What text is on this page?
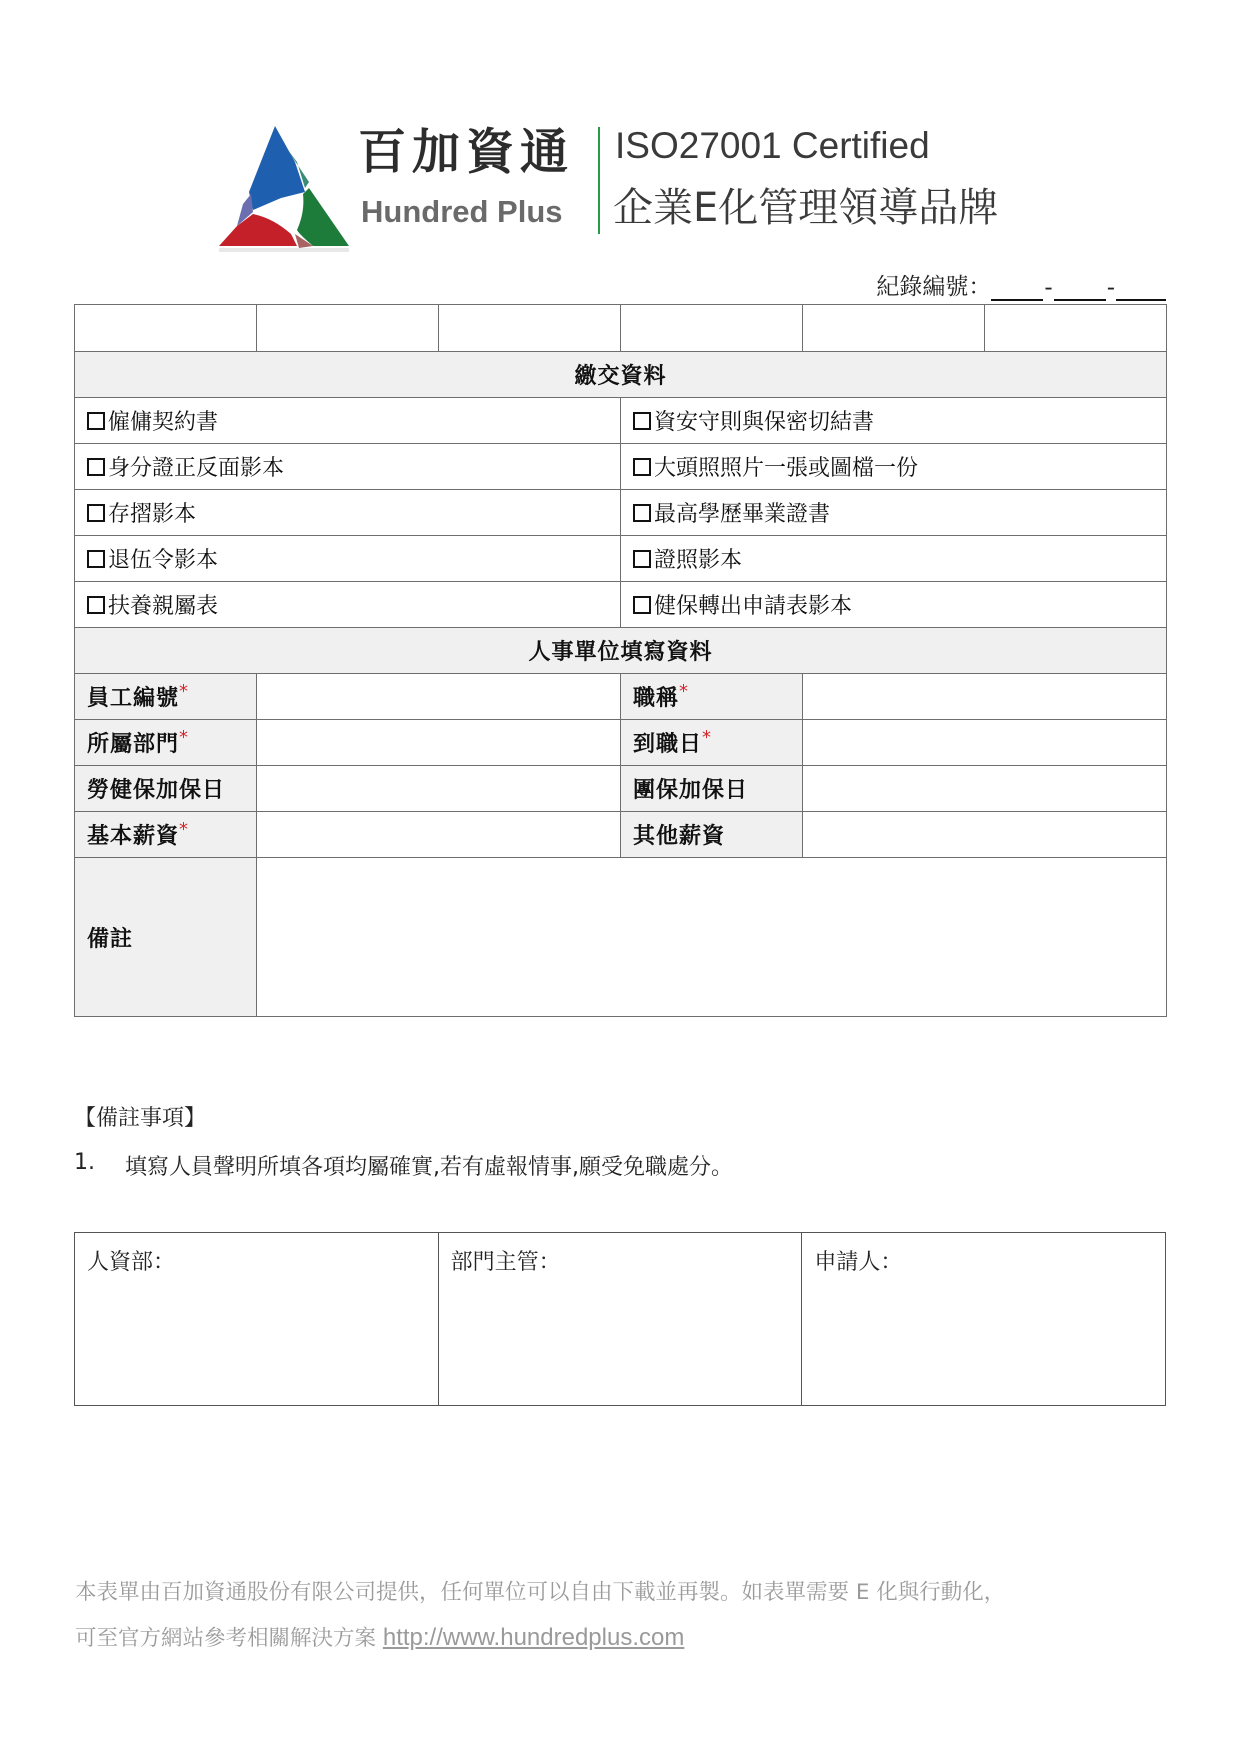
百加資通
Hundred Plus
ISO27001 Certified
企業E化管理領導品牌
紀錄編號： - -

繳交資料					
僱傭契約書			資安守則與保密切結書		
身分證正反面影本			大頭照照片一張或圖檔一份		
存摺影本			最高學歷畢業證書		
退伍令影本			證照影本		
扶養親屬表			健保轉出申請表影本		
人事單位填寫資料					
員工編號*			職稱*	
所屬部門*			到職日*	
勞健保加保日			團保加保日		
基本薪資*			其他薪資		
備註					
【備註事項】
1.	填寫人員聲明所填各項均屬確實,若有虛報情事,願受免職處分。
人資部：	部門主管：	申請人：
本表單由百加資通股份有限公司提供，任何單位可以自由下載並再製。如表單需要 E 化與行動化，
可至官方網站參考相關解決方案 http://www.hundredplus.com
